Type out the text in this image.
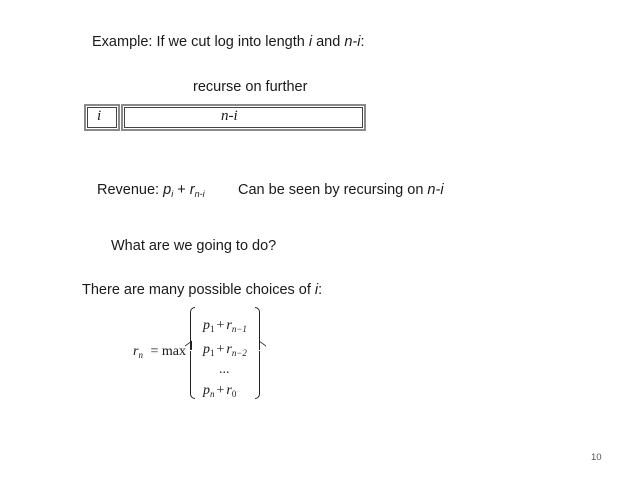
Example: If we cut log into length i and n-i:
recurse on further
i	n-i
Revenue: $p_i + r_{n-i}$ Can be seen by recursing on n-i
What are we going to do?
There are many possible choices of i:
$r_n = \max$
$p_1 + r_{n-1}$
$p_1 + r_{n-2}$
...
$p_n + r_0$
10
